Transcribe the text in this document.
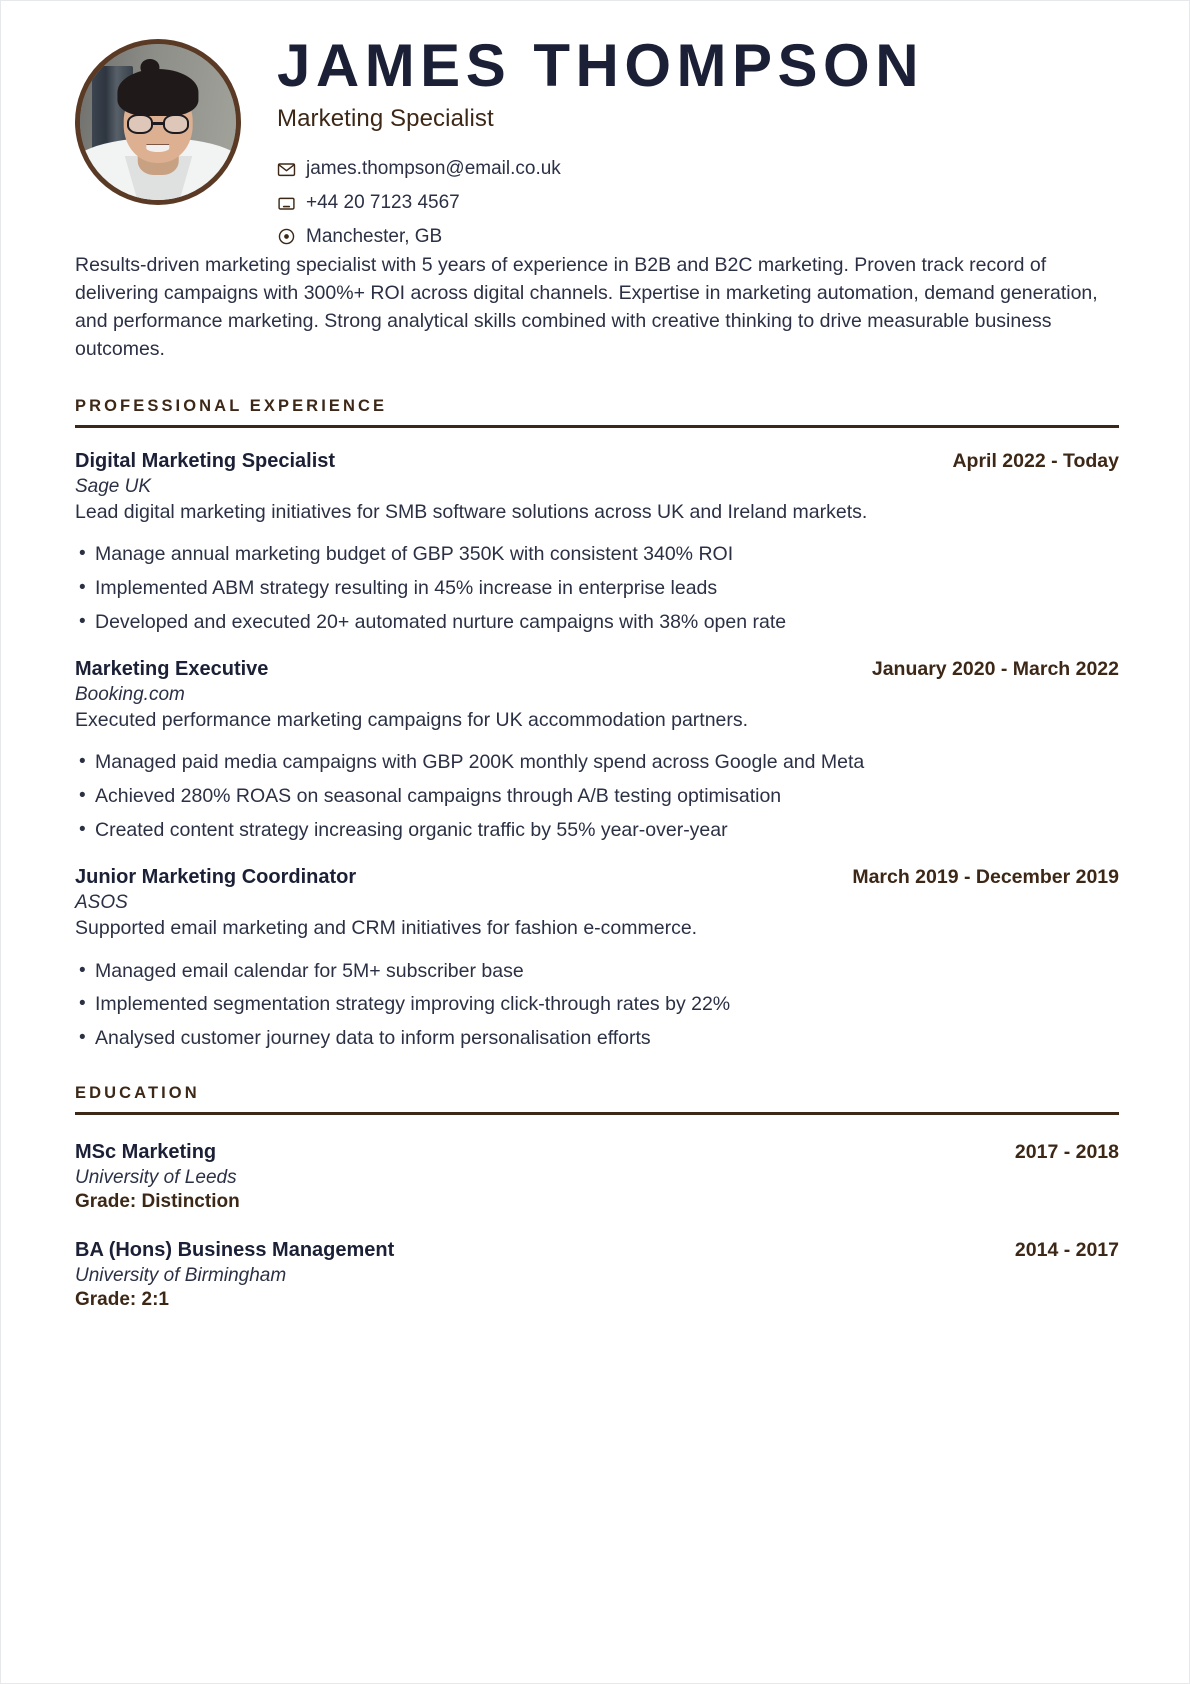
JAMES THOMPSON
Marketing Specialist
james.thompson@email.co.uk
+44 20 7123 4567
Manchester, GB

Results-driven marketing specialist with 5 years of experience in B2B and B2C marketing. Proven track record of delivering campaigns with 300%+ ROI across digital channels. Expertise in marketing automation, demand generation, and performance marketing. Strong analytical skills combined with creative thinking to drive measurable business outcomes.

PROFESSIONAL EXPERIENCE
Digital Marketing Specialist	April 2022 - Today
Sage UK
Lead digital marketing initiatives for SMB software solutions across UK and Ireland markets.
• Manage annual marketing budget of GBP 350K with consistent 340% ROI
• Implemented ABM strategy resulting in 45% increase in enterprise leads
• Developed and executed 20+ automated nurture campaigns with 38% open rate
Marketing Executive	January 2020 - March 2022
Booking.com
Executed performance marketing campaigns for UK accommodation partners.
• Managed paid media campaigns with GBP 200K monthly spend across Google and Meta
• Achieved 280% ROAS on seasonal campaigns through A/B testing optimisation
• Created content strategy increasing organic traffic by 55% year-over-year
Junior Marketing Coordinator	March 2019 - December 2019
ASOS
Supported email marketing and CRM initiatives for fashion e-commerce.
• Managed email calendar for 5M+ subscriber base
• Implemented segmentation strategy improving click-through rates by 22%
• Analysed customer journey data to inform personalisation efforts
EDUCATION
MSc Marketing	2017 - 2018
University of Leeds
Grade: Distinction
BA (Hons) Business Management	2014 - 2017
University of Birmingham
Grade: 2:1
